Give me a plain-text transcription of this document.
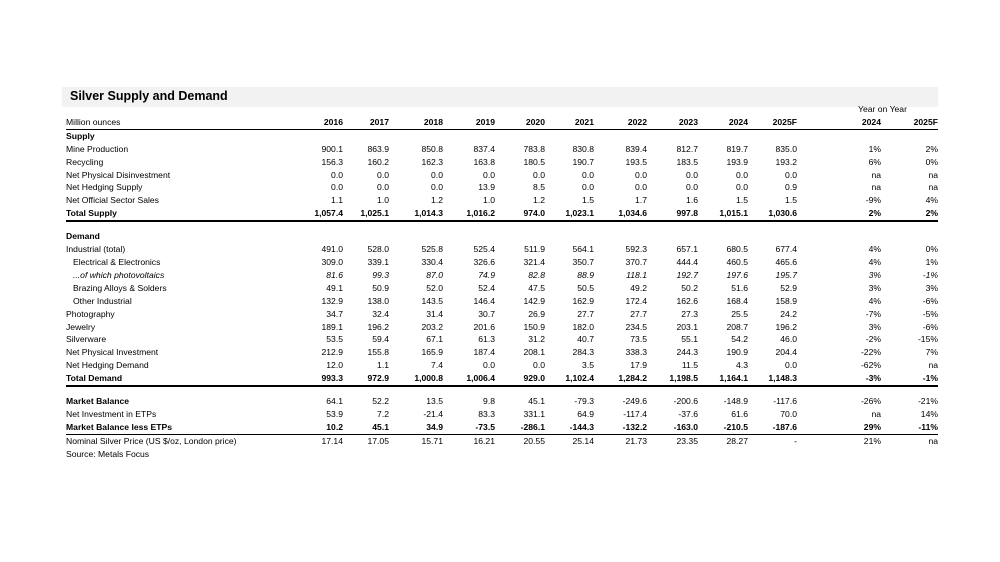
Silver Supply and Demand
											Year on Year	
Million ounces	2016	2017	2018	2019	2020	2021	2022	2023	2024	2025F	2024	2025F
Supply												
Mine Production	900.1	863.9	850.8	837.4	783.8	830.8	839.4	812.7	819.7	835.0	1%	2%
Recycling	156.3	160.2	162.3	163.8	180.5	190.7	193.5	183.5	193.9	193.2	6%	0%
Net Physical Disinvestment	0.0	0.0	0.0	0.0	0.0	0.0	0.0	0.0	0.0	0.0	na	na
Net Hedging Supply	0.0	0.0	0.0	13.9	8.5	0.0	0.0	0.0	0.0	0.9	na	na
Net Official Sector Sales	1.1	1.0	1.2	1.0	1.2	1.5	1.7	1.6	1.5	1.5	-9%	4%
Total Supply	1,057.4	1,025.1	1,014.3	1,016.2	974.0	1,023.1	1,034.6	997.8	1,015.1	1,030.6	2%	2%

Demand												
Industrial (total)	491.0	528.0	525.8	525.4	511.9	564.1	592.3	657.1	680.5	677.4	4%	0%
Electrical & Electronics	309.0	339.1	330.4	326.6	321.4	350.7	370.7	444.4	460.5	465.6	4%	1%
...of which photovoltaics	81.6	99.3	87.0	74.9	82.8	88.9	118.1	192.7	197.6	195.7	3%	-1%
Brazing Alloys & Solders	49.1	50.9	52.0	52.4	47.5	50.5	49.2	50.2	51.6	52.9	3%	3%
Other Industrial	132.9	138.0	143.5	146.4	142.9	162.9	172.4	162.6	168.4	158.9	4%	-6%
Photography	34.7	32.4	31.4	30.7	26.9	27.7	27.7	27.3	25.5	24.2	-7%	-5%
Jewelry	189.1	196.2	203.2	201.6	150.9	182.0	234.5	203.1	208.7	196.2	3%	-6%
Silverware	53.5	59.4	67.1	61.3	31.2	40.7	73.5	55.1	54.2	46.0	-2%	-15%
Net Physical Investment	212.9	155.8	165.9	187.4	208.1	284.3	338.3	244.3	190.9	204.4	-22%	7%
Net Hedging Demand	12.0	1.1	7.4	0.0	0.0	3.5	17.9	11.5	4.3	0.0	-62%	na
Total Demand	993.3	972.9	1,000.8	1,006.4	929.0	1,102.4	1,284.2	1,198.5	1,164.1	1,148.3	-3%	-1%

Market Balance	64.1	52.2	13.5	9.8	45.1	-79.3	-249.6	-200.6	-148.9	-117.6	-26%	-21%
Net Investment in ETPs	53.9	7.2	-21.4	83.3	331.1	64.9	-117.4	-37.6	61.6	70.0	na	14%
Market Balance less ETPs	10.2	45.1	34.9	-73.5	-286.1	-144.3	-132.2	-163.0	-210.5	-187.6	29%	-11%
Nominal Silver Price (US $/oz, London price)	17.14	17.05	15.71	16.21	20.55	25.14	21.73	23.35	28.27	-	21%	na
Source: Metals Focus												
